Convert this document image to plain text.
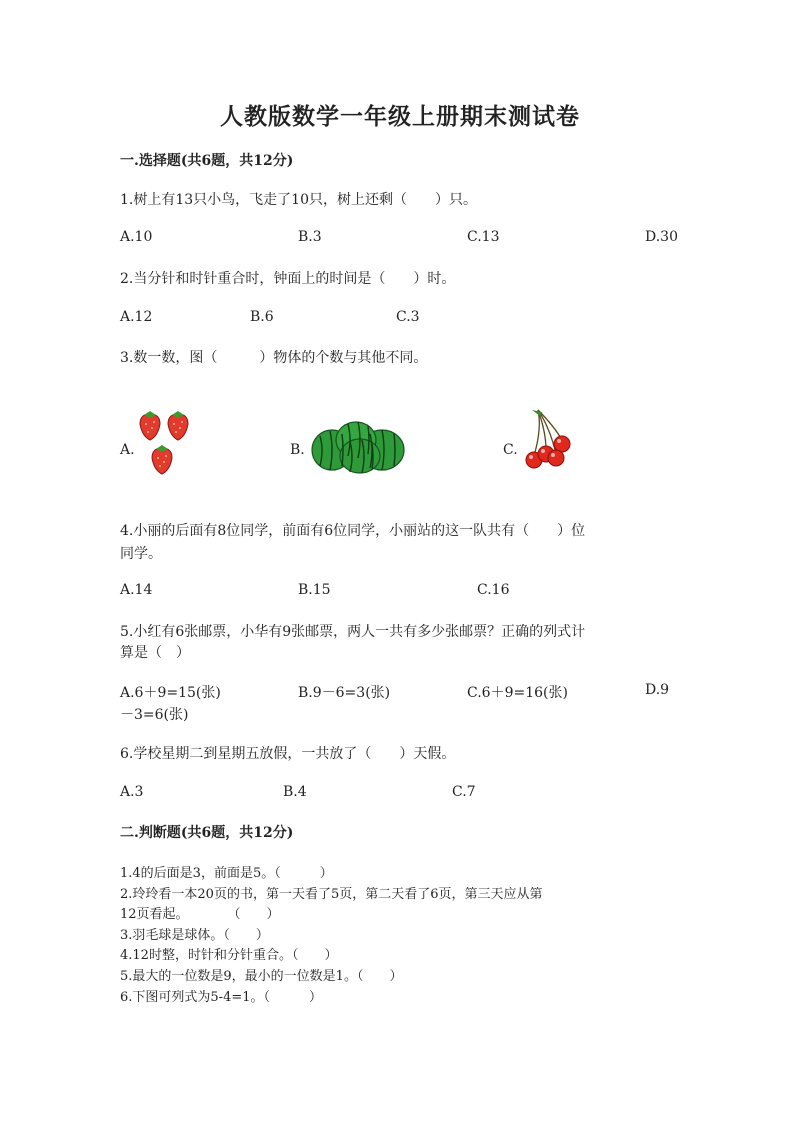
人教版数学一年级上册期末测试卷
一.选择题(共6题，共12分)
1.树上有13只小鸟，飞走了10只，树上还剩（　　）只。
A.10	B.3	C.13	D.30
2.当分针和时针重合时，钟面上的时间是（　　）时。
A.12	B.6	C.3
3.数一数，图（　　　）物体的个数与其他不同。
A.	B.	C.
4.小丽的后面有8位同学，前面有6位同学，小丽站的这一队共有（　　）位
同学。
A.14	B.15	C.16
5.小红有6张邮票，小华有9张邮票，两人一共有多少张邮票？正确的列式计
算是（　）
A.6＋9=15(张)	B.9－6=3(张)	C.6＋9=16(张)	D.9
－3=6(张)
6.学校星期二到星期五放假，一共放了（　　）天假。
A.3	B.4	C.7
二.判断题(共6题，共12分)
1.4的后面是3，前面是5。（　　　）
2.玲玲看一本20页的书，第一天看了5页，第二天看了6页，第三天应从第
12页看起。　　　　（　　）
3.羽毛球是球体。（　　）
4.12时整，时针和分针重合。（　　）
5.最大的一位数是9，最小的一位数是1。（　　）
6.下图可列式为5-4=1。（　　　）
